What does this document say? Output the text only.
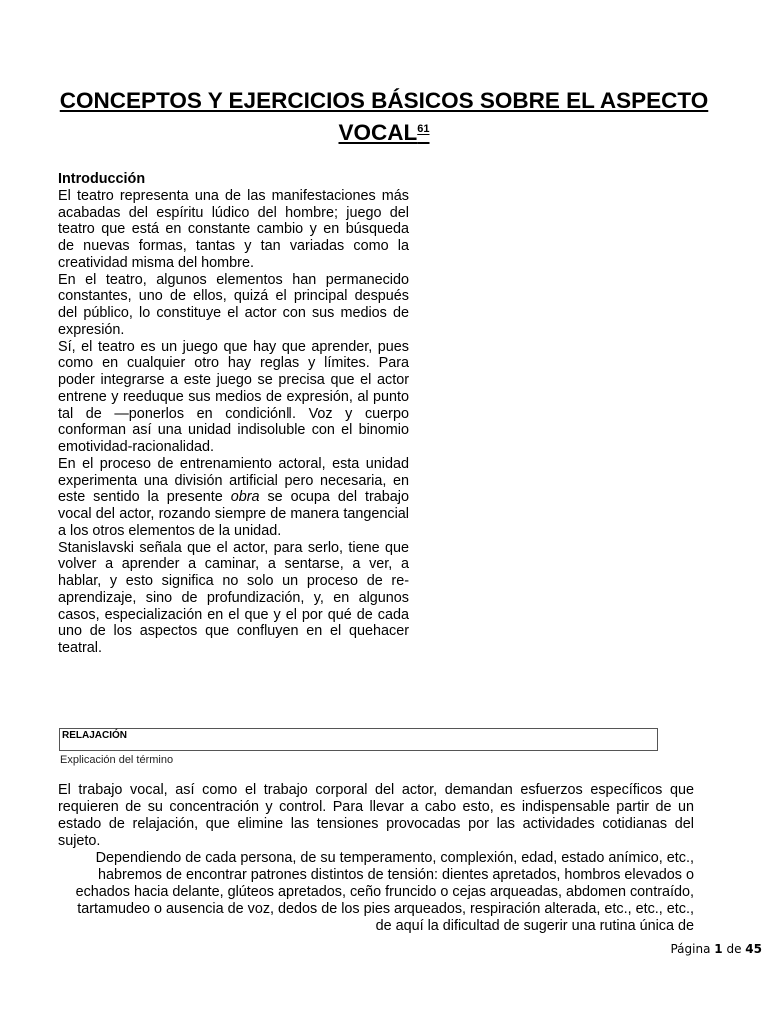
CONCEPTOS Y EJERCICIOS BÁSICOS SOBRE EL ASPECTO VOCAL$^{61}$

Introducción

El teatro representa una de las manifestaciones más acabadas del espíritu lúdico del hombre; juego del teatro que está en constante cambio y en búsqueda de nuevas formas, tantas y tan variadas como la creatividad misma del hombre.

En el teatro, algunos elementos han permanecido constantes, uno de ellos, quizá el principal después del público, lo constituye el actor con sus medios de expresión.

Sí, el teatro es un juego que hay que aprender, pues como en cualquier otro hay reglas y límites. Para poder integrarse a este juego se precisa que el actor entrene y reeduque sus medios de expresión, al punto tal de ―ponerlos en condición‖. Voz y cuerpo conforman así una unidad indisoluble con el binomio emotividad-racionalidad.

En el proceso de entrenamiento actoral, esta unidad experimenta una división artificial pero necesaria, en este sentido la presente obra se ocupa del trabajo vocal del actor, rozando siempre de manera tangencial a los otros elementos de la unidad.

Stanislavski señala que el actor, para serlo, tiene que volver a aprender a caminar, a sentarse, a ver, a hablar, y esto significa no solo un proceso de re-aprendizaje, sino de profundización, y, en algunos casos, especialización en el que y el por qué de cada uno de los aspectos que confluyen en el quehacer teatral.

RELAJACIÓN
Explicación del término

El trabajo vocal, así como el trabajo corporal del actor, demandan esfuerzos específicos que requieren de su concentración y control. Para llevar a cabo esto, es indispensable partir de un estado de relajación, que elimine las tensiones provocadas por las actividades cotidianas del sujeto.

Dependiendo de cada persona, de su temperamento, complexión, edad, estado anímico, etc., habremos de encontrar patrones distintos de tensión: dientes apretados, hombros elevados o echados hacia delante, glúteos apretados, ceño fruncido o cejas arqueadas, abdomen contraído, tartamudeo o ausencia de voz, dedos de los pies arqueados, respiración alterada, etc., etc., etc., de aquí la dificultad de sugerir una rutina única de

Página 1 de 45
